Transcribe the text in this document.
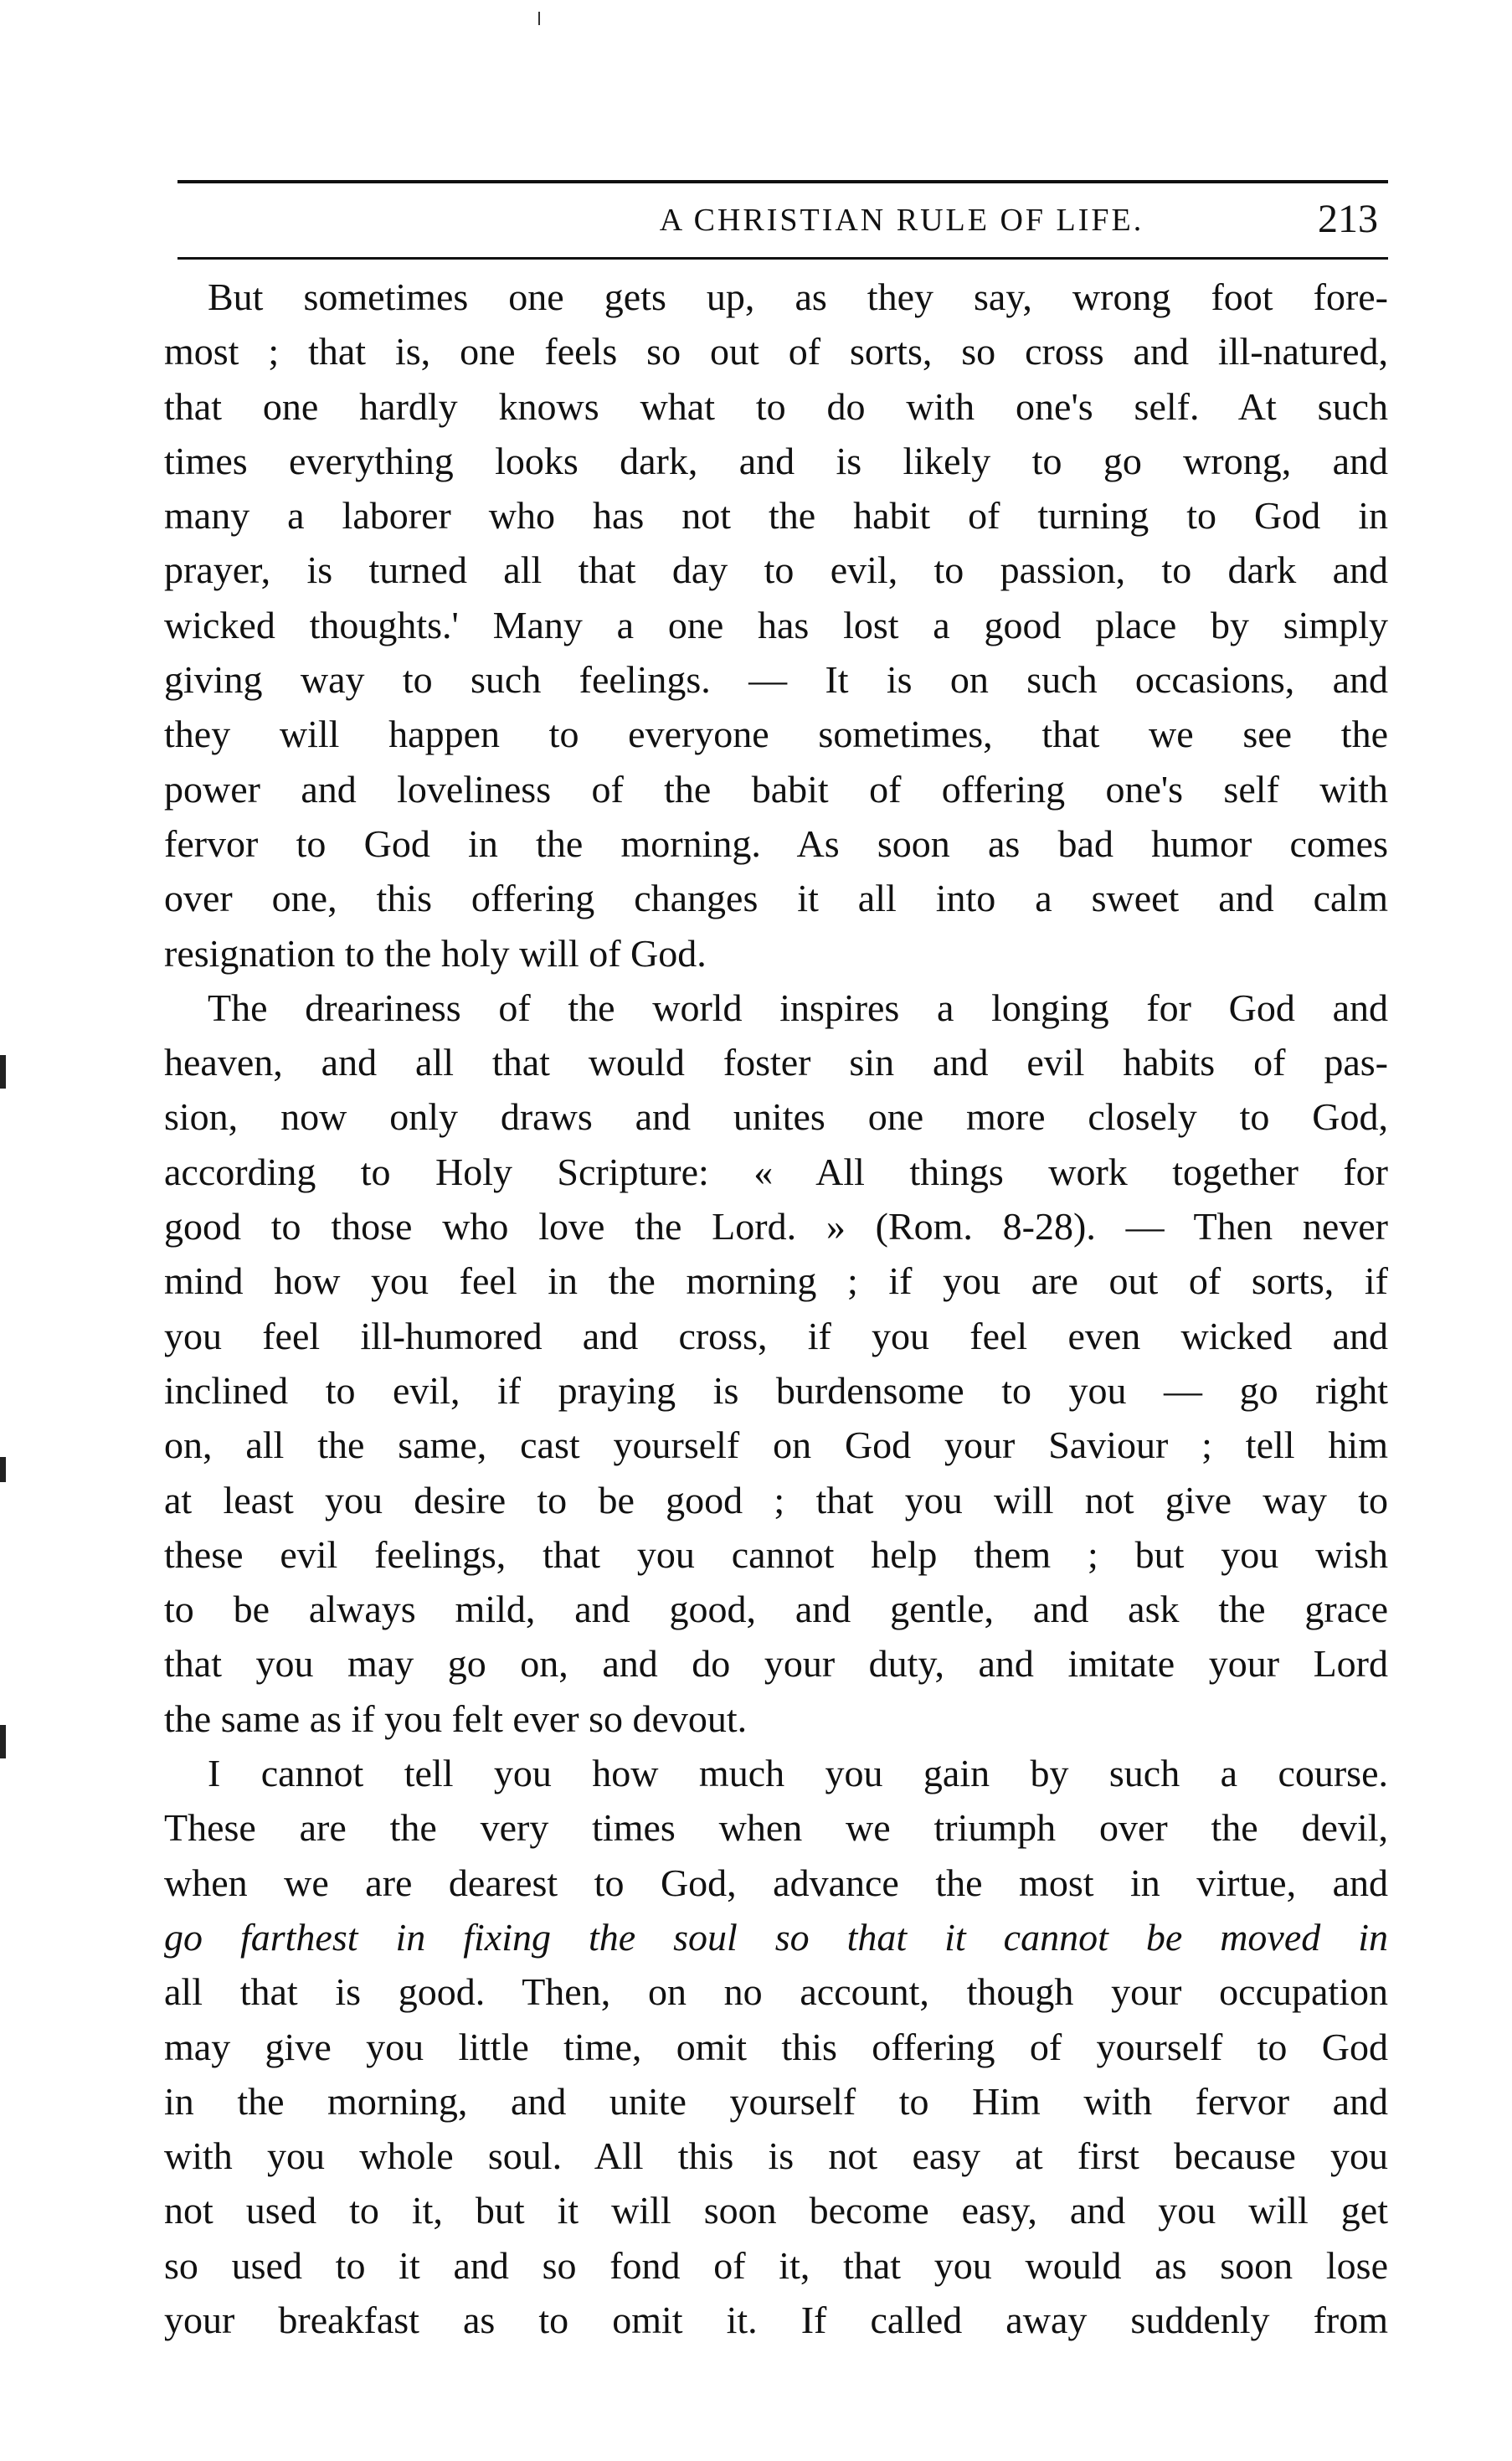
A CHRISTIAN RULE OF LIFE.	213
But sometimes one gets up, as they say, wrong foot fore-
most ; that is, one feels so out of sorts, so cross and ill-natured,
that one hardly knows what to do with one's self. At such
times everything looks dark, and is likely to go wrong, and
many a laborer who has not the habit of turning to God in
prayer, is turned all that day to evil, to passion, to dark and
wicked thoughts.' Many a one has lost a good place by simply
giving way to such feelings. — It is on such occasions, and
they will happen to everyone sometimes, that we see the
power and loveliness of the babit of offering one's self with
fervor to God in the morning. As soon as bad humor comes
over one, this offering changes it all into a sweet and calm
resignation to the holy will of God.
The dreariness of the world inspires a longing for God and
heaven, and all that would foster sin and evil habits of pas-
sion, now only draws and unites one more closely to God,
according to Holy Scripture: « All things work together for
good to those who love the Lord. » (Rom. 8-28). — Then never
mind how you feel in the morning ; if you are out of sorts, if
you feel ill-humored and cross, if you feel even wicked and
inclined to evil, if praying is burdensome to you — go right
on, all the same, cast yourself on God your Saviour ; tell him
at least you desire to be good ; that you will not give way to
these evil feelings, that you cannot help them ; but you wish
to be always mild, and good, and gentle, and ask the grace
that you may go on, and do your duty, and imitate your Lord
the same as if you felt ever so devout.
I cannot tell you how much you gain by such a course.
These are the very times when we triumph over the devil,
when we are dearest to God, advance the most in virtue, and
go farthest in fixing the soul so that it cannot be moved in
all that is good. Then, on no account, though your occupation
may give you little time, omit this offering of yourself to God
in the morning, and unite yourself to Him with fervor and
with you whole soul. All this is not easy at first because you
not used to it, but it will soon become easy, and you will get
so used to it and so fond of it, that you would as soon lose
your breakfast as to omit it. If called away suddenly from
